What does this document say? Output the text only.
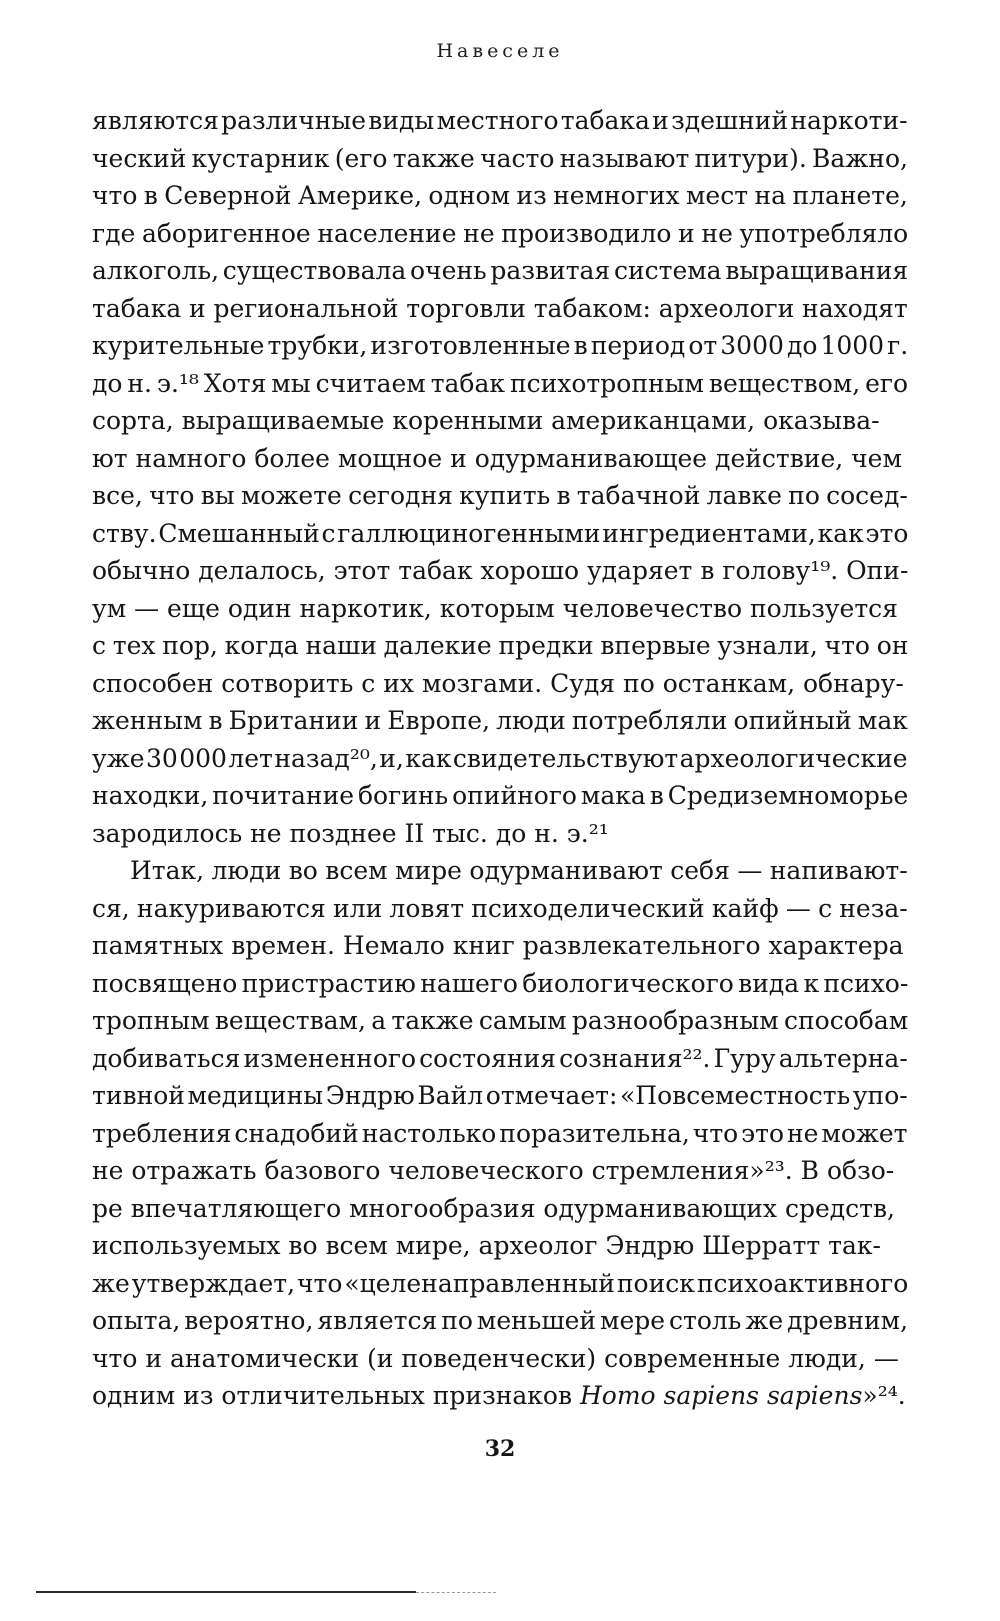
Навеселе
являются различные виды местного табака и здешний наркоти-
ческий кустарник (его также часто называют питури). Важно,
что в Северной Америке, одном из немногих мест на планете,
где аборигенное население не производило и не употребляло
алкоголь, существовала очень развитая система выращивания
табака и региональной торговли табаком: археологи находят
курительные трубки, изготовленные в период от 3000 до 1000 г.
до н. э.¹⁸ Хотя мы считаем табак психотропным веществом, его
сорта, выращиваемые коренными американцами, оказыва-
ют намного более мощное и одурманивающее действие, чем
все, что вы можете сегодня купить в табачной лавке по сосед-
ству. Смешанный с галлюциногенными ингредиентами, как это
обычно делалось, этот табак хорошо ударяет в голову¹⁹. Опи-
ум — еще один наркотик, которым человечество пользуется
с тех пор, когда наши далекие предки впервые узнали, что он
способен сотворить с их мозгами. Судя по останкам, обнару-
женным в Британии и Европе, люди потребляли опийный мак
уже 30 000 лет назад²⁰, и, как свидетельствуют археологические
находки, почитание богинь опийного мака в Средиземноморье
зародилось не позднее II тыс. до н. э.²¹
Итак, люди во всем мире одурманивают себя — напивают-
ся, накуриваются или ловят психоделический кайф — с неза-
памятных времен. Немало книг развлекательного характера
посвящено пристрастию нашего биологического вида к психо-
тропным веществам, а также самым разнообразным способам
добиваться измененного состояния сознания²². Гуру альтерна-
тивной медицины Эндрю Вайл отмечает: «Повсеместность упо-
требления снадобий настолько поразительна, что это не может
не отражать базового человеческого стремления»²³. В обзо-
ре впечатляющего многообразия одурманивающих средств,
используемых во всем мире, археолог Эндрю Шерратт так-
же утверждает, что «целенаправленный поиск психоактивного
опыта, вероятно, является по меньшей мере столь же древним,
что и анатомически (и поведенчески) современные люди, —
одним из отличительных признаков Homo sapiens sapiens»²⁴.
32
